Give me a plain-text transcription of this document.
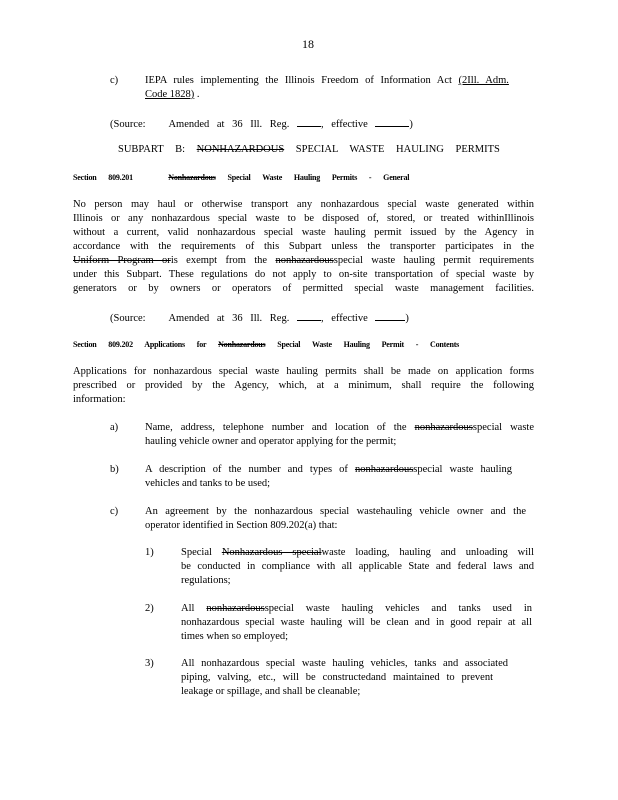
18
c)	IEPA rules implementing the Illinois Freedom of Information Act (2Ill. Adm.
Code 1828) .
(Source: Amended at 36 Ill. Reg.	, effective	)
SUBPART B: NONHAZARDOUS SPECIAL WASTE HAULING PERMITS
Section 809.201	Nonhazardous Special Waste Hauling Permits - General
No person may haul or otherwise transport any nonhazardous special waste generated within
Illinois or any nonhazardous special waste to be disposed of, stored, or treated withinIllinois
without a current, valid nonhazardous special waste hauling permit issued by the Agency in
accordance with the requirements of this Subpart unless the transporter participates in the
Uniform Program oris exempt from the nonhazardousspecial waste hauling permit requirements
under this Subpart. These regulations do not apply to on-site transportation of special waste by
generators or by owners or operators of permitted special waste management facilities.
(Source: Amended at 36 Ill. Reg.	, effective	)
Section 809.202 Applications for Nonhazardous Special Waste Hauling Permit - Contents
Applications for nonhazardous special waste hauling permits shall be made on application forms
prescribed or provided by the Agency, which, at a minimum, shall require the following
information:
a)	Name, address, telephone number and location of the nonhazardousspecial waste
hauling vehicle owner and operator applying for the permit;
b)	A description of the number and types of nonhazardousspecial waste hauling
vehicles and tanks to be used;
c)	An agreement by the nonhazardous special wastehauling vehicle owner and the
operator identified in Section 809.202(a) that:
1)	Special Nonhazardous specialwaste loading, hauling and unloading will
be conducted in compliance with all applicable State and federal laws and
regulations;
2)	All nonhazardousspecial waste hauling vehicles and tanks used in
nonhazardous special waste hauling will be clean and in good repair at all
times when so employed;
3)	All nonhazardous special waste hauling vehicles, tanks and associated
piping, valving, etc., will be constructedand maintained to prevent
leakage or spillage, and shall be cleanable;
